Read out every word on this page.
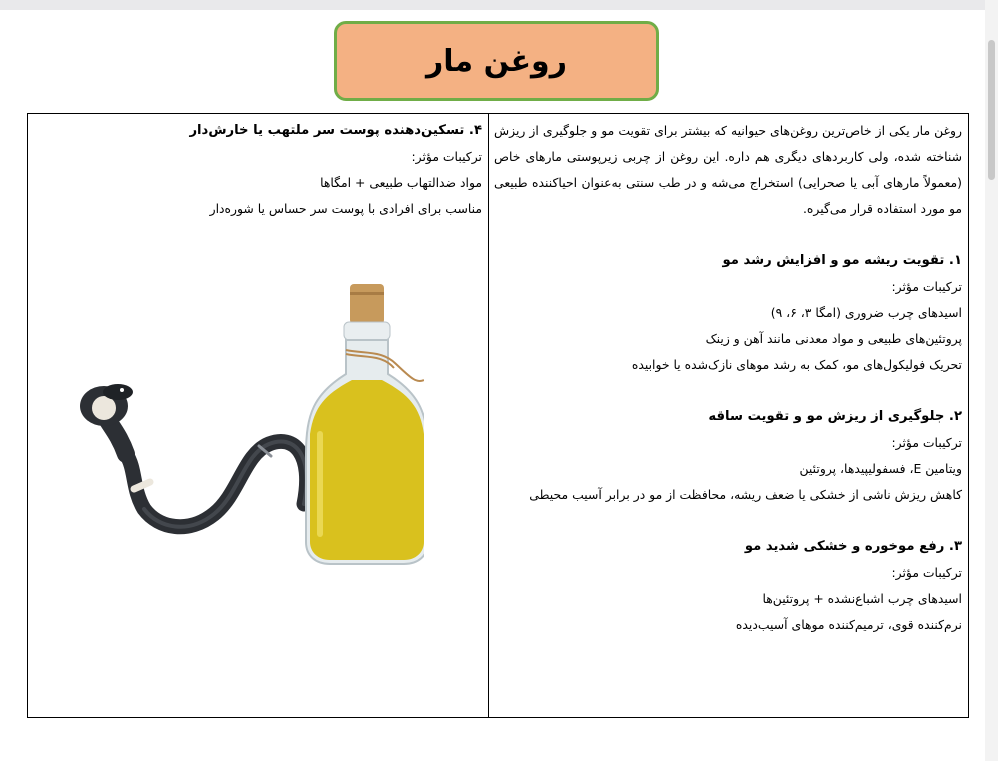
روغن مار

روغن مار یکی از خاص‌ترین روغن‌های حیوانیه که بیشتر برای تقویت مو و جلوگیری از ریزش شناخته شده، ولی کاربردهای دیگری هم داره. این روغن از چربی زیرپوستی مارهای خاص (معمولاً مارهای آبی یا صحرایی) استخراج می‌شه و در طب سنتی به‌عنوان احیاکننده طبیعی مو مورد استفاده قرار می‌گیره.

۱. تقویت ریشه مو و افزایش رشد مو

ترکیبات مؤثر:

اسیدهای چرب ضروری (امگا ۳، ۶، ۹)

پروتئین‌های طبیعی و مواد معدنی مانند آهن و زینک

تحریک فولیکول‌های مو، کمک به رشد موهای نازک‌شده یا خوابیده

۲. جلوگیری از ریزش مو و تقویت ساقه

ترکیبات مؤثر:

ویتامین E، فسفولیپیدها، پروتئین

کاهش ریزش ناشی از خشکی یا ضعف ریشه، محافظت از مو در برابر آسیب محیطی

۳. رفع موخوره و خشکی شدید مو

ترکیبات مؤثر:

اسیدهای چرب اشباع‌نشده + پروتئین‌ها

نرم‌کننده قوی، ترمیم‌کننده موهای آسیب‌دیده

۴. تسکین‌دهنده پوست سر ملتهب یا خارش‌دار

ترکیبات مؤثر:

مواد ضدالتهاب طبیعی + امگاها

مناسب برای افرادی با پوست سر حساس یا شوره‌دار
